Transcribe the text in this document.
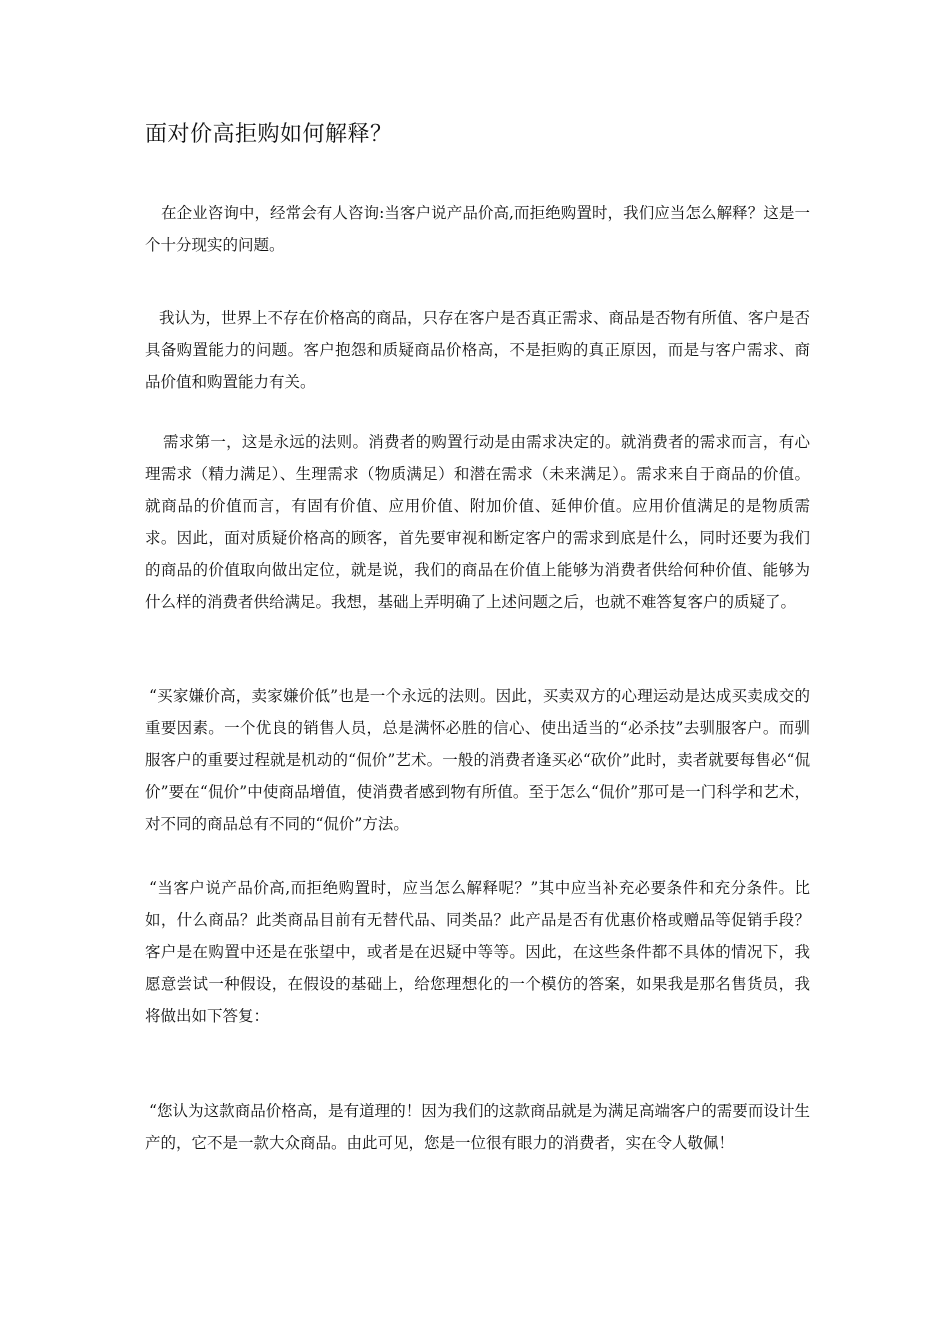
面对价高拒购如何解释？

在企业咨询中，经常会有人咨询:当客户说产品价高,而拒绝购置时，我们应当怎么解释？这是一个十分现实的问题。

我认为，世界上不存在价格高的商品，只存在客户是否真正需求、商品是否物有所值、客户是否具备购置能力的问题。客户抱怨和质疑商品价格高，不是拒购的真正原因，而是与客户需求、商品价值和购置能力有关。

需求第一，这是永远的法则。消费者的购置行动是由需求决定的。就消费者的需求而言，有心理需求（精力满足）、生理需求（物质满足）和潜在需求（未来满足）。需求来自于商品的价值。就商品的价值而言，有固有价值、应用价值、附加价值、延伸价值。应用价值满足的是物质需求。因此，面对质疑价格高的顾客，首先要审视和断定客户的需求到底是什么，同时还要为我们的商品的价值取向做出定位，就是说，我们的商品在价值上能够为消费者供给何种价值、能够为什么样的消费者供给满足。我想，基础上弄明确了上述问题之后，也就不难答复客户的质疑了。

“买家嫌价高，卖家嫌价低”也是一个永远的法则。因此，买卖双方的心理运动是达成买卖成交的重要因素。一个优良的销售人员，总是满怀必胜的信心、使出适当的“必杀技”去驯服客户。而驯服客户的重要过程就是机动的“侃价”艺术。一般的消费者逢买必“砍价”此时，卖者就要每售必“侃价”要在“侃价”中使商品增值，使消费者感到物有所值。至于怎么“侃价”那可是一门科学和艺术，对不同的商品总有不同的“侃价”方法。

“当客户说产品价高,而拒绝购置时，应当怎么解释呢？”其中应当补充必要条件和充分条件。比如，什么商品？此类商品目前有无替代品、同类品？此产品是否有优惠价格或赠品等促销手段？客户是在购置中还是在张望中，或者是在迟疑中等等。因此，在这些条件都不具体的情况下，我愿意尝试一种假设，在假设的基础上，给您理想化的一个模仿的答案，如果我是那名售货员，我将做出如下答复：

“您认为这款商品价格高，是有道理的！因为我们的这款商品就是为满足高端客户的需要而设计生产的，它不是一款大众商品。由此可见，您是一位很有眼力的消费者，实在令人敬佩！
